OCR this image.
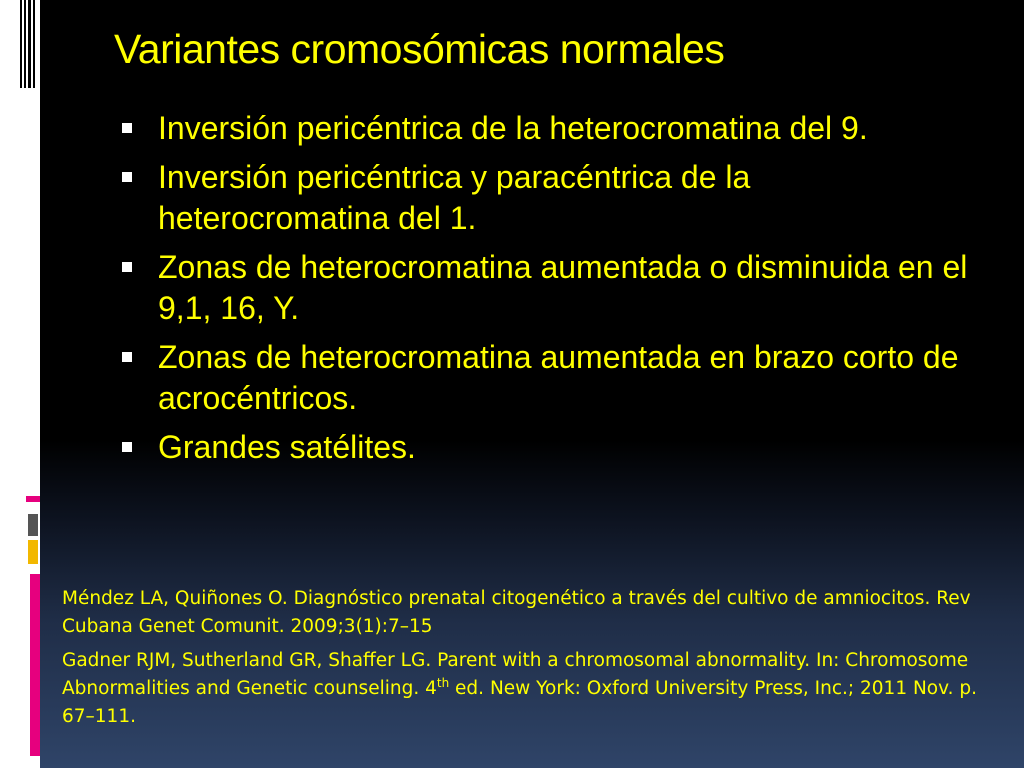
Variantes cromosómicas normales
Inversión pericéntrica de la heterocromatina del 9.
Inversión pericéntrica y paracéntrica de la heterocromatina del 1.
Zonas de heterocromatina aumentada o disminuida en el 9,1, 16, Y.
Zonas de heterocromatina aumentada en brazo corto de acrocéntricos.
Grandes satélites.

Méndez LA, Quiñones O. Diagnóstico prenatal citogenético a través del cultivo de amniocitos. Rev Cubana Genet Comunit. 2009;3(1):7–15

Gadner RJM, Sutherland GR, Shaffer LG. Parent with a chromosomal abnormality. In: Chromosome Abnormalities and Genetic counseling. 4th ed. New York: Oxford University Press, Inc.; 2011 Nov. p. 67–111.
